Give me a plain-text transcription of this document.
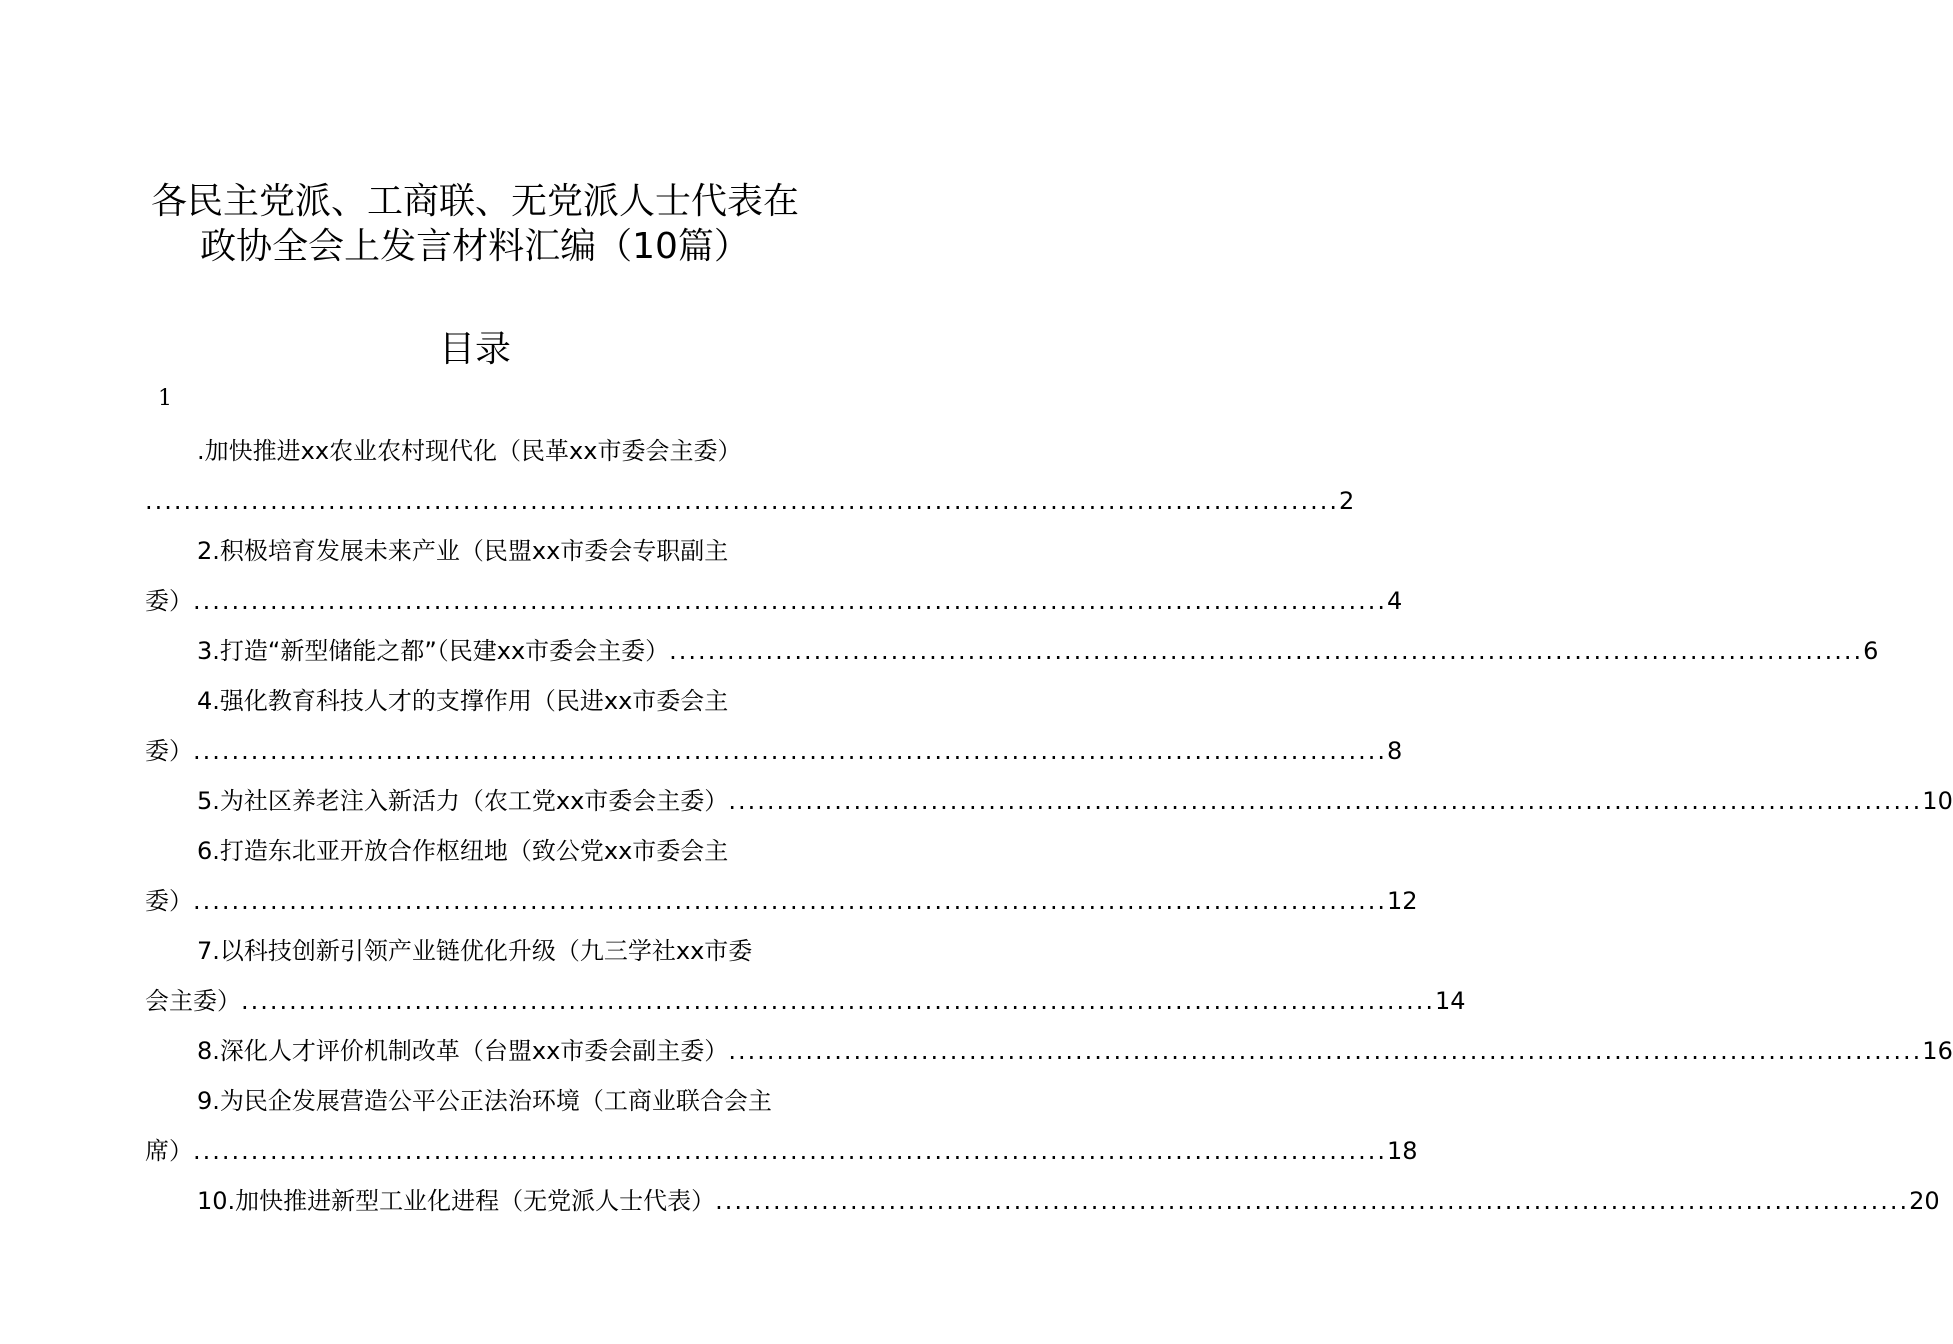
各民主党派、工商联、无党派人士代表在
政协全会上发言材料汇编（10篇）
目录
1
.加快推进xx农业农村现代化（民革xx市委会主委）
............................................................................................................................ 2
2.积极培育发展未来产业（民盟xx市委会专职副主
委） ............................................................................................................................ 4
3.打造“新型储能之都”（民建xx市委会主委） ............................................................................................................................ 6
4.强化教育科技人才的支撑作用（民进xx市委会主
委） ............................................................................................................................ 8
5.为社区养老注入新活力（农工党xx市委会主委） ............................................................................................................................ 10
6.打造东北亚开放合作枢纽地（致公党xx市委会主
委） ............................................................................................................................ 12
7.以科技创新引领产业链优化升级（九三学社xx市委
会主委） ............................................................................................................................ 14
8.深化人才评价机制改革（台盟xx市委会副主委） ............................................................................................................................ 16
9.为民企发展营造公平公正法治环境（工商业联合会主
席） ............................................................................................................................ 18
10.加快推进新型工业化进程（无党派人士代表） ............................................................................................................................ 20
